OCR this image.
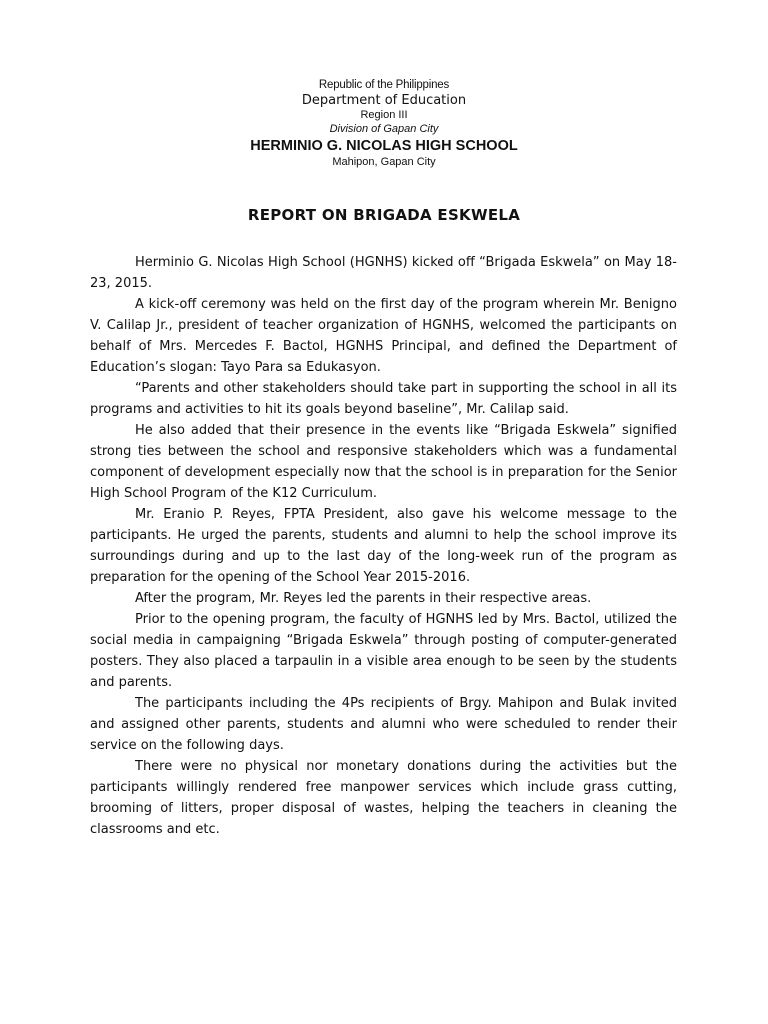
Republic of the Philippines
Department of Education
Region III
Division of Gapan City
HERMINIO G. NICOLAS HIGH SCHOOL
Mahipon, Gapan City
REPORT ON BRIGADA ESKWELA

Herminio G. Nicolas High School (HGNHS) kicked off “Brigada Eskwela” on May 18-23, 2015.

A kick-off ceremony was held on the first day of the program wherein Mr. Benigno V. Calilap Jr., president of teacher organization of HGNHS, welcomed the participants on behalf of Mrs. Mercedes F. Bactol, HGNHS Principal, and defined the Department of Education’s slogan: Tayo Para sa Edukasyon.

“Parents and other stakeholders should take part in supporting the school in all its programs and activities to hit its goals beyond baseline”, Mr. Calilap said.

He also added that their presence in the events like “Brigada Eskwela” signified strong ties between the school and responsive stakeholders which was a fundamental component of development especially now that the school is in preparation for the Senior High School Program of the K12 Curriculum.

Mr. Eranio P. Reyes, FPTA President, also gave his welcome message to the participants. He urged the parents, students and alumni to help the school improve its surroundings during and up to the last day of the long-week run of the program as preparation for the opening of the School Year 2015-2016.

After the program, Mr. Reyes led the parents in their respective areas.

Prior to the opening program, the faculty of HGNHS led by Mrs. Bactol, utilized the social media in campaigning “Brigada Eskwela” through posting of computer-generated posters. They also placed a tarpaulin in a visible area enough to be seen by the students and parents.

The participants including the 4Ps recipients of Brgy. Mahipon and Bulak invited and assigned other parents, students and alumni who were scheduled to render their service on the following days.

There were no physical nor monetary donations during the activities but the participants willingly rendered free manpower services which include grass cutting, brooming of litters, proper disposal of wastes, helping the teachers in cleaning the classrooms and etc.
